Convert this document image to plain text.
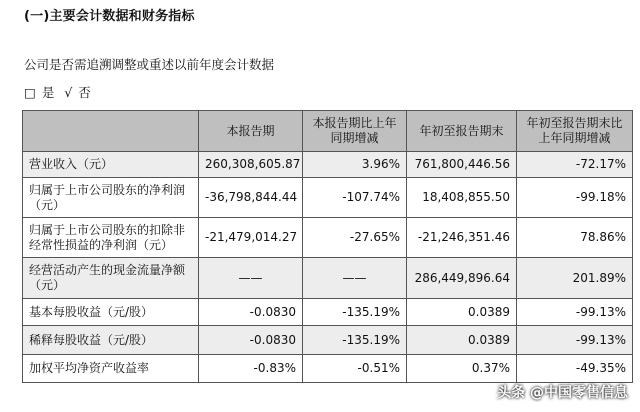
(一)主要会计数据和财务指标
公司是否需追溯调整或重述以前年度会计数据
□ 是 √ 否
	本报告期	本报告期比上年同期增减	年初至报告期末	年初至报告期末比上年同期增减
营业收入（元）	260,308,605.87	3.96%	761,800,446.56	-72.17%
归属于上市公司股东的净利润（元）	-36,798,844.44	-107.74%	18,408,855.50	-99.18%
归属于上市公司股东的扣除非经常性损益的净利润（元）	-21,479,014.27	-27.65%	-21,246,351.46	78.86%
经营活动产生的现金流量净额（元）	——	——	286,449,896.64	201.89%
基本每股收益（元/股）	-0.0830	-135.19%	0.0389	-99.13%
稀释每股收益（元/股）	-0.0830	-135.19%	0.0389	-99.13%
加权平均净资产收益率	-0.83%	-0.51%	0.37%	-49.35%
头条 @中国零售信息
